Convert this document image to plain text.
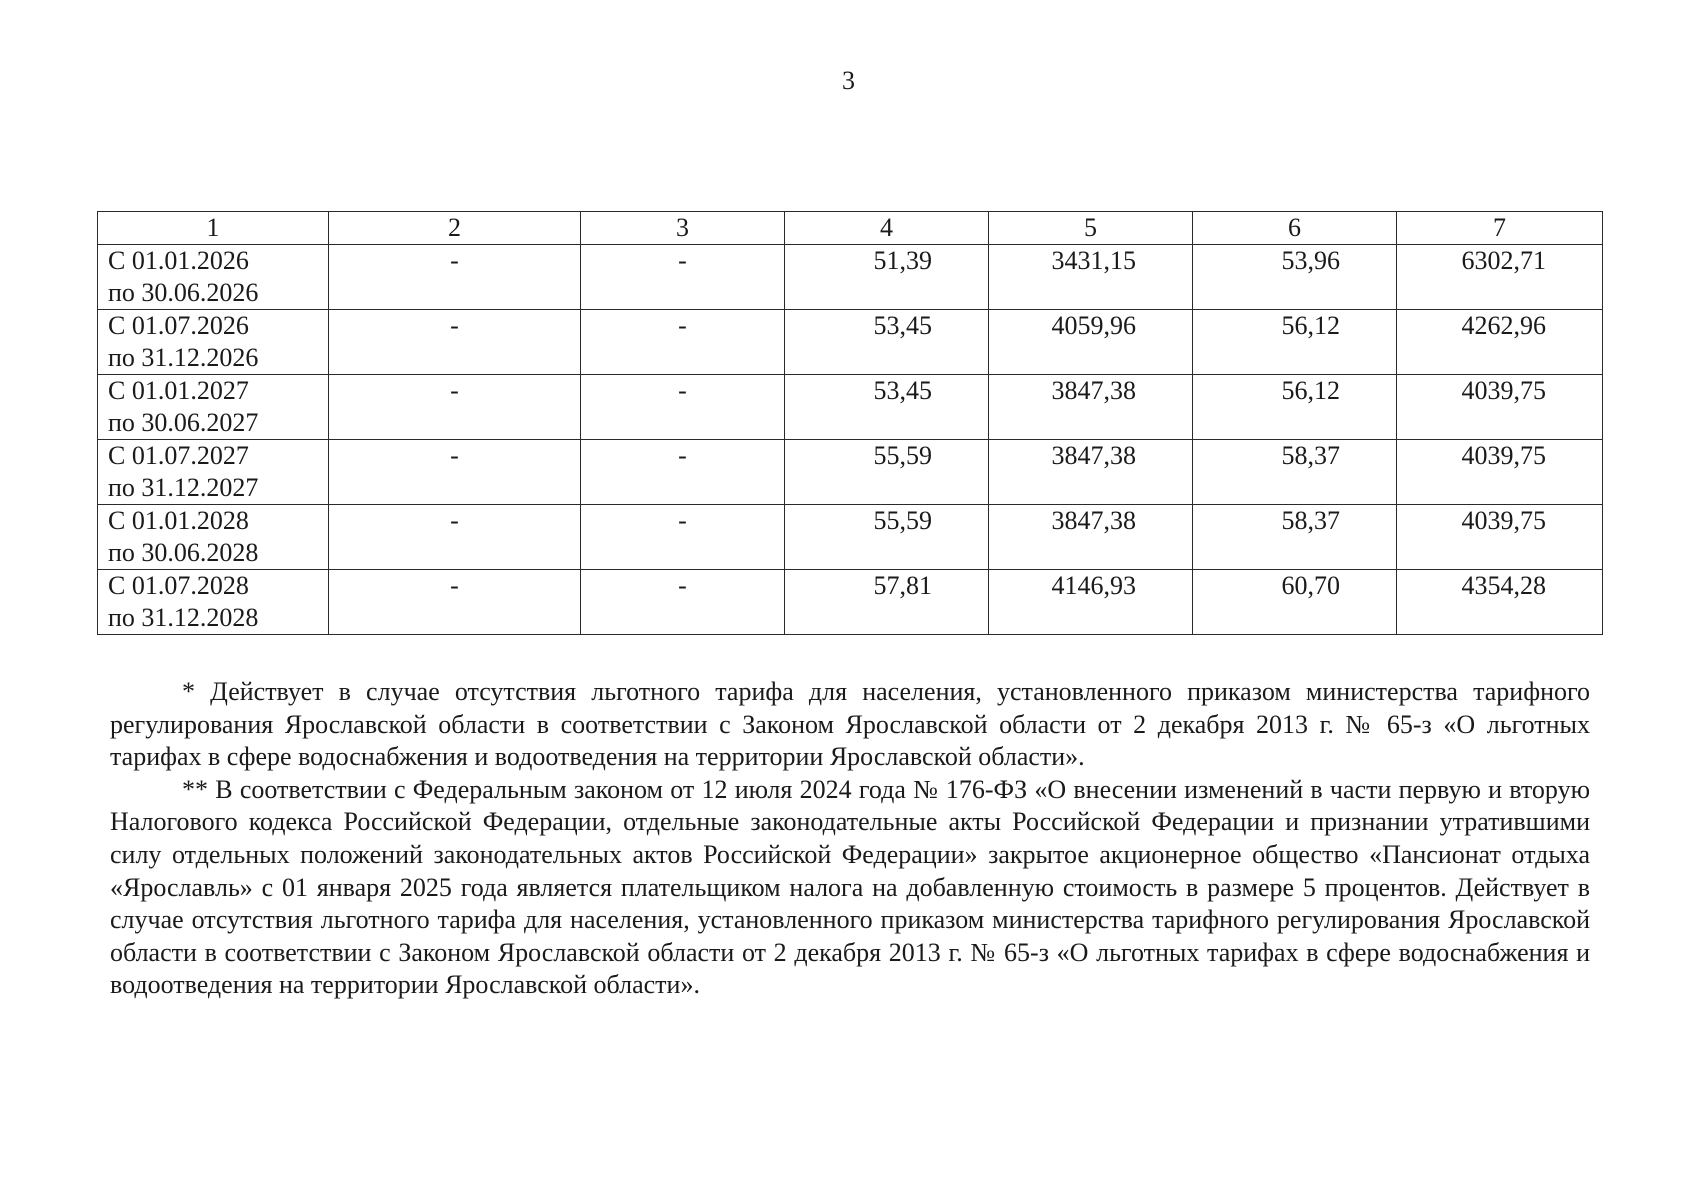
3
1	2	3	4	5	6	7

С 01.01.2026
по 30.06.2026	-	-	51,39	3431,15	53,96	6302,71

С 01.07.2026
по 31.12.2026	-	-	53,45	4059,96	56,12	4262,96

С 01.01.2027
по 30.06.2027	-	-	53,45	3847,38	56,12	4039,75

С 01.07.2027
по 31.12.2027	-	-	55,59	3847,38	58,37	4039,75

С 01.01.2028
по 30.06.2028	-	-	55,59	3847,38	58,37	4039,75

С 01.07.2028
по 31.12.2028	-	-	57,81	4146,93	60,70	4354,28

* Действует в случае отсутствия льготного тарифа для населения, установленного приказом министерства тарифного регулирования Ярославской области в соответствии с Законом Ярославской области от 2 декабря 2013 г. № 65-з «О льготных тарифах в сфере водоснабжения и водоотведения на территории Ярославской области».

** В соответствии с Федеральным законом от 12 июля 2024 года № 176-ФЗ «О внесении изменений в части первую и вторую Налогового кодекса Российской Федерации, отдельные законодательные акты Российской Федерации и признании утратившими силу отдельных положений законодательных актов Российской Федерации» закрытое акционерное общество «Пансионат отдыха «Ярославль» с 01 января 2025 года является плательщиком налога на добавленную стоимость в размере 5 процентов. Действует в случае отсутствия льготного тарифа для населения, установленного приказом министерства тарифного регулирования Ярославской области в соответствии с Законом Ярославской области от 2 декабря 2013 г. № 65-з «О льготных тарифах в сфере водоснабжения и водоотведения на территории Ярославской области».
